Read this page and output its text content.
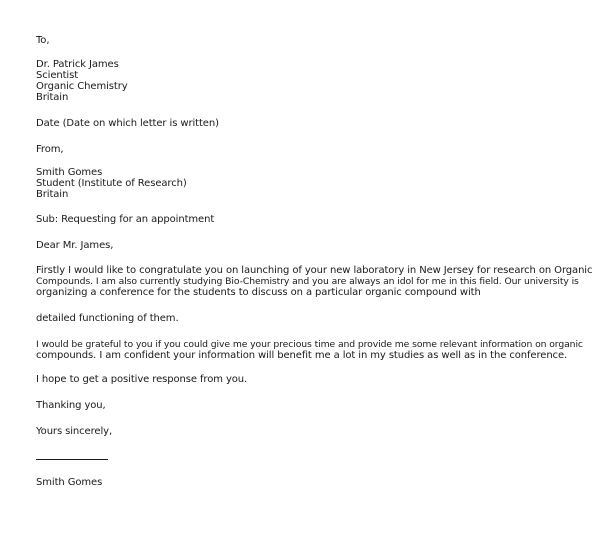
To,
Dr. Patrick James
Scientist
Organic Chemistry
Britain
Date (Date on which letter is written)
From,
Smith Gomes
Student (Institute of Research)
Britain
Sub: Requesting for an appointment
Dear Mr. James,
Firstly I would like to congratulate you on launching of your new laboratory in New Jersey for research on Organic
Compounds. I am also currently studying Bio-Chemistry and you are always an idol for me in this field. Our university is
organizing a conference for the students to discuss on a particular organic compound with
detailed functioning of them.
I would be grateful to you if you could give me your precious time and provide me some relevant information on organic
compounds. I am confident your information will benefit me a lot in my studies as well as in the conference.
I hope to get a positive response from you.
Thanking you,
Yours sincerely,
Smith Gomes
